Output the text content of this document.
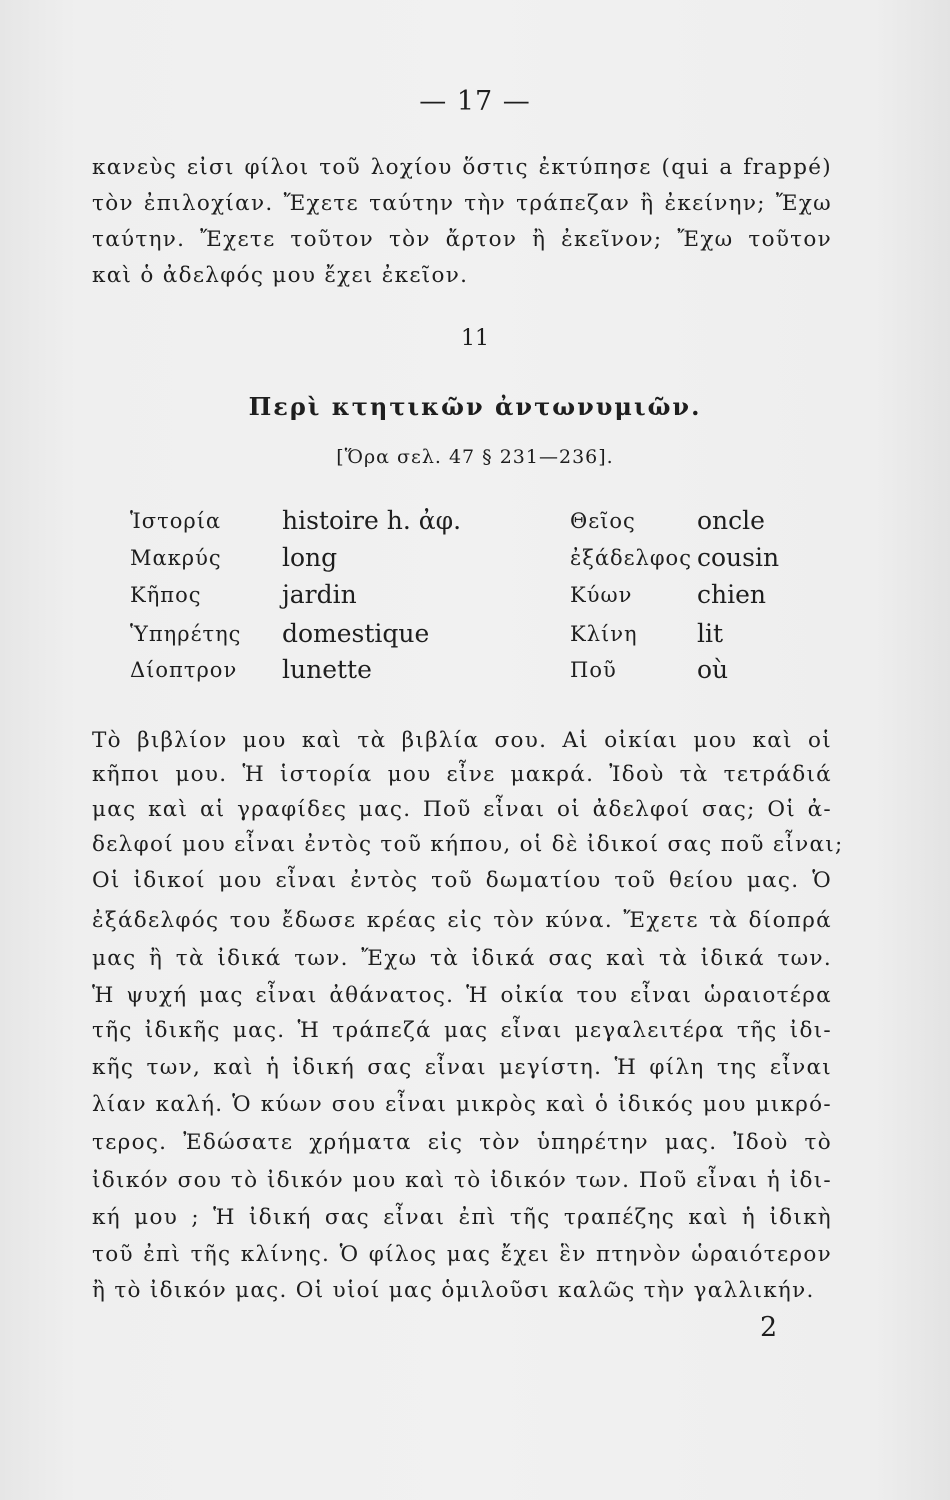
— 17 —
κανεὺς εἰσι φίλοι τοῦ λοχίου ὅστις ἐκτύπησε (qui a frappé)
τὸν ἐπιλοχίαν. Ἔχετε ταύτην τὴν τράπεζαν ἢ ἐκείνην; Ἔχω
ταύτην. Ἔχετε τοῦτον τὸν ἄρτον ἢ ἐκεῖνον; Ἔχω τοῦτον
καὶ ὁ ἀδελφός μου ἔχει ἐκεῖον.
11
Περὶ κτητικῶν ἀντωνυμιῶν.
[Ὅρα σελ. 47 § 231—236].
Ἱστορία histoire h. ἀφ.	Θεῖος oncle
Μακρύς long	ἐξάδελφος cousin
Κῆπος	jardin	Κύων	chien
Ὑπηρέτης domestique	Κλίνη lit
Δίοπτρον lunette	Ποῦ	où
Τὸ βιβλίον μου καὶ τὰ βιβλία σου. Αἱ οἰκίαι μου καὶ οἱ
κῆποι μου. Ἡ ἱστορία μου εἶνε μακρά. Ἰδοὺ τὰ τετράδιά
μας καὶ αἱ γραφίδες μας. Ποῦ εἶναι οἱ ἀδελφοί σας; Οἱ ἀ-
δελφοί μου εἶναι ἐντὸς τοῦ κήπου, οἱ δὲ ἰδικοί σας ποῦ εἶναι;
Οἱ ἰδικοί μου εἶναι ἐντὸς τοῦ δωματίου τοῦ θείου μας. Ὁ
ἐξάδελφός του ἔδωσε κρέας εἰς τὸν κύνα. Ἔχετε τὰ δίοπρά
μας ἢ τὰ ἰδικά των. Ἔχω τὰ ἰδικά σας καὶ τὰ ἰδικά των.
Ἡ ψυχή μας εἶναι ἀθάνατος. Ἡ οἰκία του εἶναι ὡραιοτέρα
τῆς ἰδικῆς μας. Ἡ τράπεζά μας εἶναι μεγαλειτέρα τῆς ἰδι-
κῆς των, καὶ ἡ ἰδική σας εἶναι μεγίστη. Ἡ φίλη της εἶναι
λίαν καλή. Ὁ κύων σου εἶναι μικρὸς καὶ ὁ ἰδικός μου μικρό-
τερος. Ἐδώσατε χρήματα εἰς τὸν ὑπηρέτην μας. Ἰδοὺ τὸ
ἰδικόν σου τὸ ἰδικόν μου καὶ τὸ ἰδικόν των. Ποῦ εἶναι ἡ ἰδι-
κή μου ; Ἡ ἰδική σας εἶναι ἐπὶ τῆς τραπέζης καὶ ἡ ἰδικὴ
τοῦ ἐπὶ τῆς κλίνης. Ὁ φίλος μας ἔχει ἓν πτηνὸν ὡραιότερον
ἢ τὸ ἰδικόν μας. Οἱ υἱοί μας ὁμιλοῦσι καλῶς τὴν γαλλικήν.
2
